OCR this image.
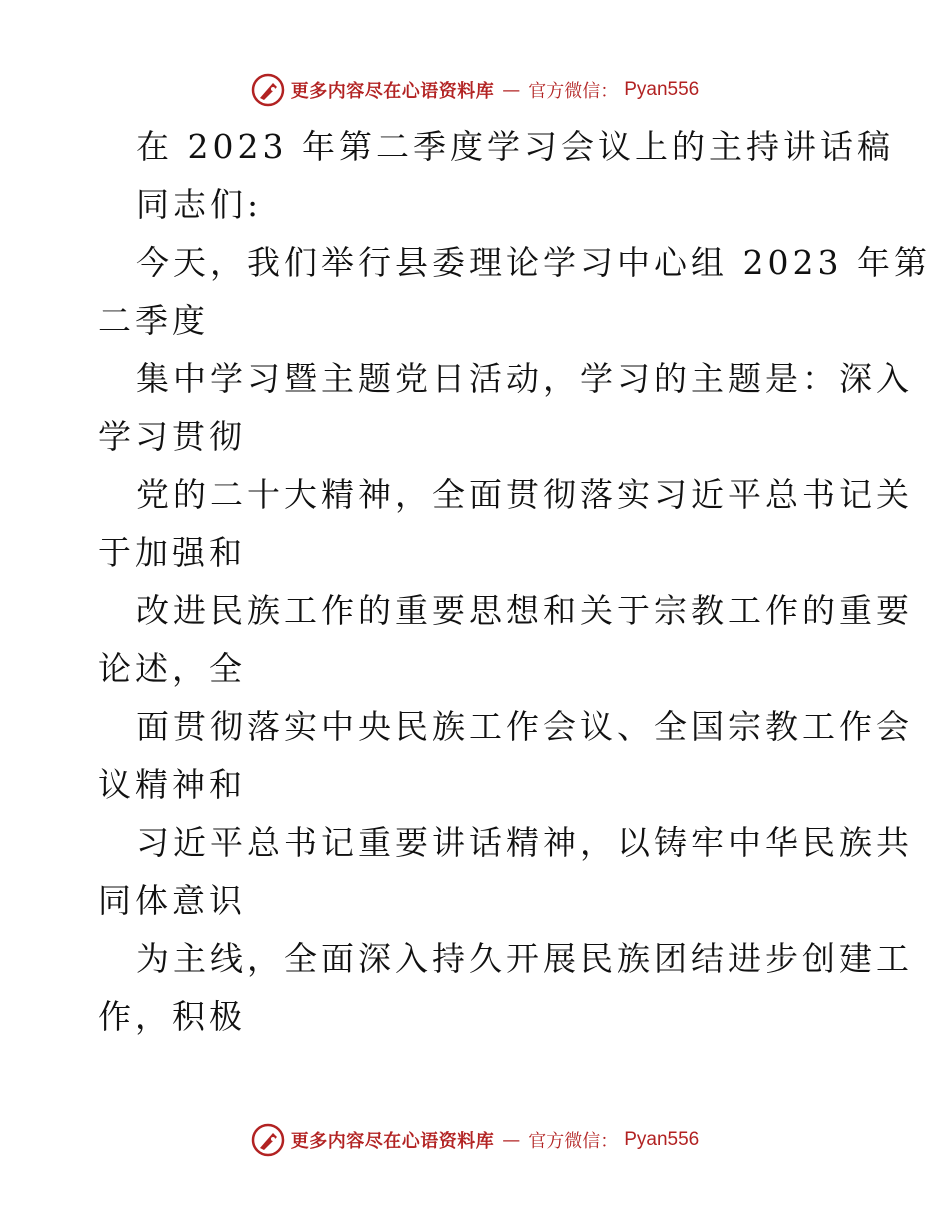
更多内容尽在心语资料库 — 官方微信： Pyan556
在 2023 年第二季度学习会议上的主持讲话稿
同志们:
今天，我们举行县委理论学习中心组 2023 年第
二季度
集中学习暨主题党日活动，学习的主题是：深入
学习贯彻
党的二十大精神，全面贯彻落实习近平总书记关
于加强和
改进民族工作的重要思想和关于宗教工作的重要
论述，全
面贯彻落实中央民族工作会议、全国宗教工作会
议精神和
习近平总书记重要讲话精神，以铸牢中华民族共
同体意识
为主线，全面深入持久开展民族团结进步创建工
作，积极
更多内容尽在心语资料库 — 官方微信： Pyan556
